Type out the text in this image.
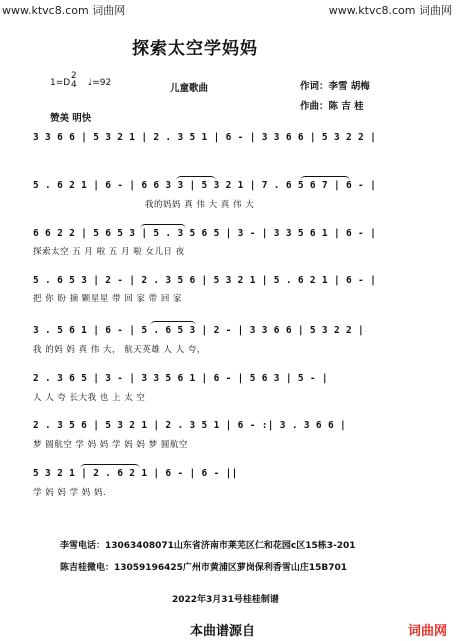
www.ktvc8.com 词曲网	www.ktvc8.com 词曲网
探索太空学妈妈
1=D
2
4 ♩=92	儿童歌曲	作词：李雪 胡梅
作曲：陈 吉 桂
赞美 明快
3 3 6 6 | 5 3 2 1 | 2 . 3 5 1 | 6 - | 3 3 6 6 | 5 3 2 2 |
5 . 6 2 1 | 6 - | 6 6 3 3 | 5 3 2 1 | 7 . 6 5 6 7 | 6 - |
我的妈妈 真 伟 大 真 伟 大
6 6 2 2 | 5 6 5 3 | 5 . 3 5 6 5 | 3 - | 3 3 5 6 1 | 6 - |
探索太空 五 月 啦 五 月 啦 女儿日 夜
5 . 6 5 3 | 2 - | 2 . 3 5 6 | 5 3 2 1 | 5 . 6 2 1 | 6 - |
把 你 盼 摘 颗星星 带 回 家 带 回 家
3 . 5 6 1 | 6 - | 5 . 6 5 3 | 2 - | 3 3 6 6 | 5 3 2 2 |
我 的妈 妈 真 伟 大， 航天英雄 人 人 夸，
2 . 3 6 5 | 3 - | 3 3 5 6 1 | 6 - | 5 6 3 | 5 - |
人 人 夸 长大我 也 上 太 空
2 . 3 5 6 | 5 3 2 1 | 2 . 3 5 1 | 6 - :| 3 . 3 6 6 |
梦 圆航空 学 妈 妈 学 妈 妈 梦 圆航空
5 3 2 1 | 2 . 6 2 1 | 6 - | 6 - ||
学 妈 妈 学 妈 妈.
李雪电话：13063408071山东省济南市莱芜区仁和花园c区15栋3-201
陈吉桂微电：13059196425广州市黄浦区萝岗保利香雪山庄15B701
2022年3月31号桂桂制谱
本曲谱源自	词曲网
